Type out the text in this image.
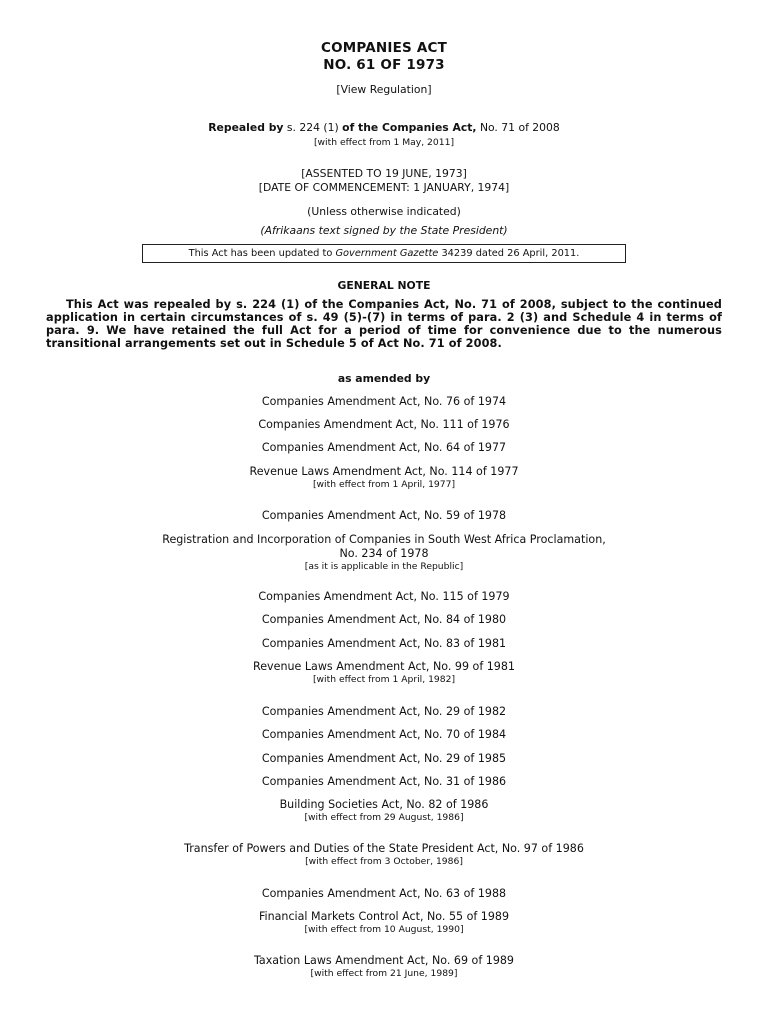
COMPANIES ACT
NO. 61 OF 1973
[View Regulation]
Repealed by s. 224 (1) of the Companies Act, No. 71 of 2008
[with effect from 1 May, 2011]
[ASSENTED TO 19 JUNE, 1973]
[DATE OF COMMENCEMENT: 1 JANUARY, 1974]
(Unless otherwise indicated)
(Afrikaans text signed by the State President)
This Act has been updated to Government Gazette 34239 dated 26 April, 2011.
GENERAL NOTE
This Act was repealed by s. 224 (1) of the Companies Act, No. 71 of 2008, subject to the continued application in certain circumstances of s. 49 (5)-(7) in terms of para. 2 (3) and Schedule 4 in terms of para. 9. We have retained the full Act for a period of time for convenience due to the numerous transitional arrangements set out in Schedule 5 of Act No. 71 of 2008.
as amended by
Companies Amendment Act, No. 76 of 1974
Companies Amendment Act, No. 111 of 1976
Companies Amendment Act, No. 64 of 1977
Revenue Laws Amendment Act, No. 114 of 1977
[with effect from 1 April, 1977]
Companies Amendment Act, No. 59 of 1978
Registration and Incorporation of Companies in South West Africa Proclamation,
No. 234 of 1978
[as it is applicable in the Republic]
Companies Amendment Act, No. 115 of 1979
Companies Amendment Act, No. 84 of 1980
Companies Amendment Act, No. 83 of 1981
Revenue Laws Amendment Act, No. 99 of 1981
[with effect from 1 April, 1982]
Companies Amendment Act, No. 29 of 1982
Companies Amendment Act, No. 70 of 1984
Companies Amendment Act, No. 29 of 1985
Companies Amendment Act, No. 31 of 1986
Building Societies Act, No. 82 of 1986
[with effect from 29 August, 1986]
Transfer of Powers and Duties of the State President Act, No. 97 of 1986
[with effect from 3 October, 1986]
Companies Amendment Act, No. 63 of 1988
Financial Markets Control Act, No. 55 of 1989
[with effect from 10 August, 1990]
Taxation Laws Amendment Act, No. 69 of 1989
[with effect from 21 June, 1989]
